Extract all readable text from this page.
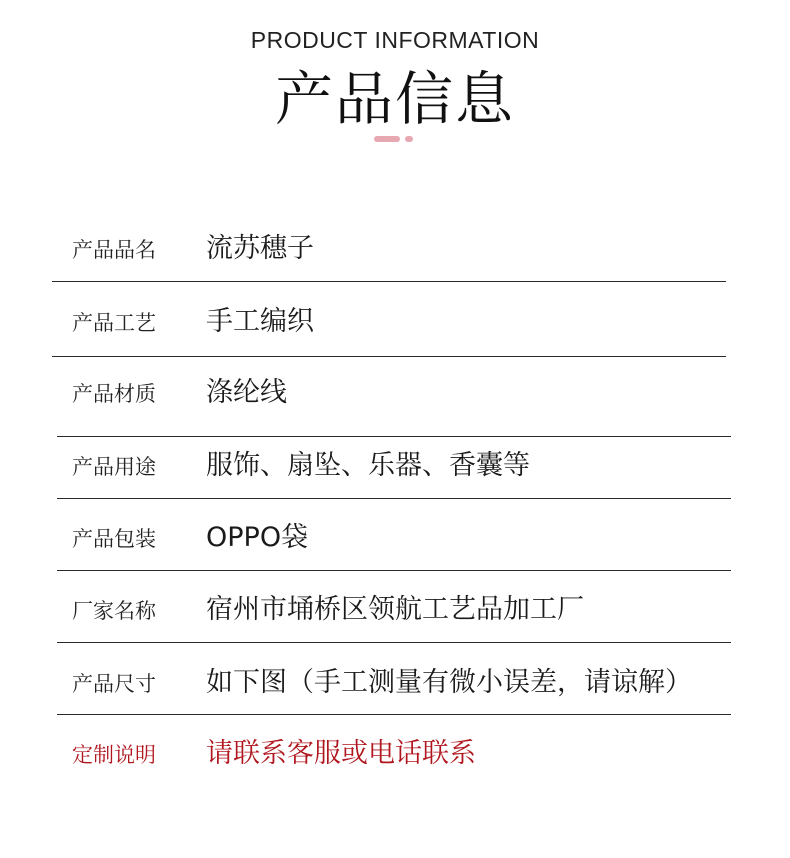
PRODUCT INFORMATION
产品信息
产品品名 流苏穗子
产品工艺 手工编织
产品材质 涤纶线
产品用途 服饰、扇坠、乐器、香囊等
产品包装 OPPO袋
厂家名称 宿州市埇桥区领航工艺品加工厂
产品尺寸 如下图（手工测量有微小误差，请谅解）
定制说明 请联系客服或电话联系
